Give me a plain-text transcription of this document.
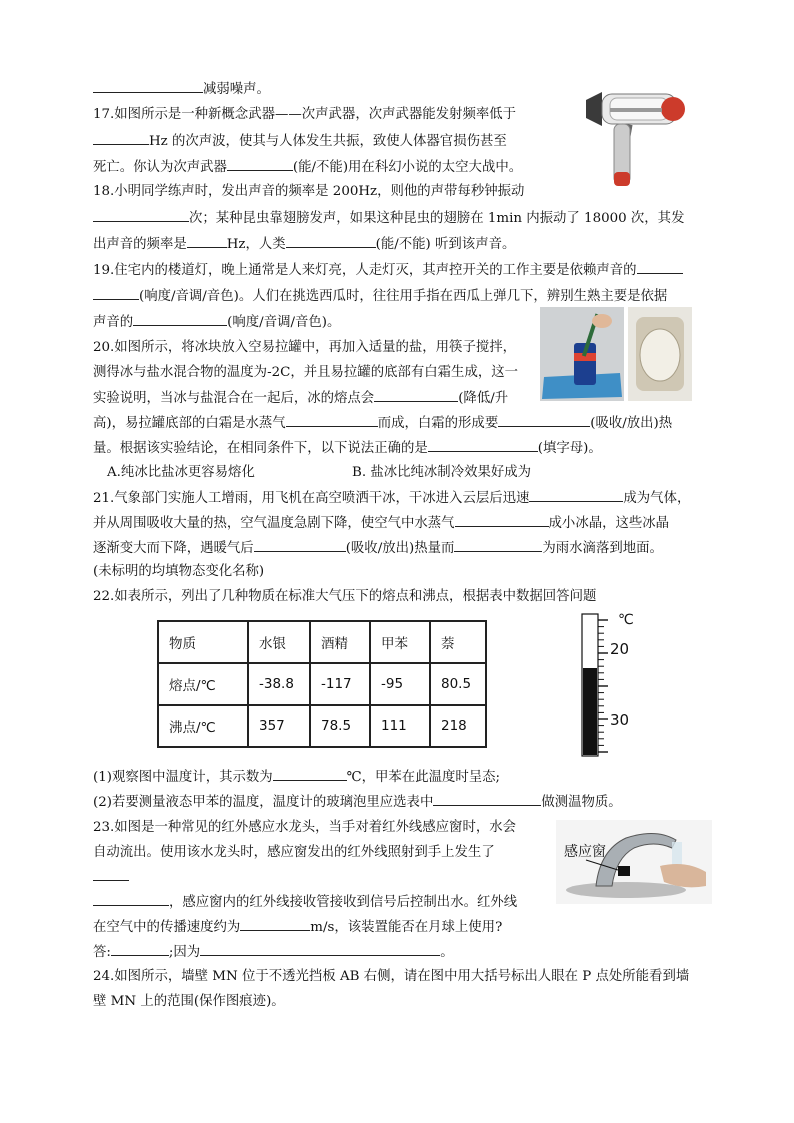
减弱噪声。
17.如图所示是一种新概念武器——次声武器，次声武器能发射频率低于
Hz 的次声波，使其与人体发生共振，致使人体器官损伤甚至
死亡。你认为次声武器	(能/不能)用在科幻小说的太空大战中。
18.小明同学练声时，发出声音的频率是 200Hz，则他的声带每秒钟振动
次；某种昆虫靠翅膀发声，如果这种昆虫的翅膀在 1min 内振动了 18000 次，其发
出声音的频率是	Hz，人类	(能/不能) 听到该声音。
19.住宅内的楼道灯，晚上通常是人来灯亮，人走灯灭，其声控开关的工作主要是依赖声音的
(响度/音调/音色)。人们在挑选西瓜时，往往用手指在西瓜上弹几下，辨别生熟主要是依据
声音的	(响度/音调/音色)。
20.如图所示，将冰块放入空易拉罐中，再加入适量的盐，用筷子搅拌，
测得冰与盐水混合物的温度为-2C，并且易拉罐的底部有白霜生成，这一
实验说明，当冰与盐混合在一起后，冰的熔点会	(降低/升
高)，易拉罐底部的白霜是水蒸气	而成，白霜的形成要	(吸收/放出)热
量。根据该实验结论，在相同条件下，以下说法正确的是	(填字母)。
A.纯冰比盐冰更容易熔化	B. 盐冰比纯冰制冷效果好成为
21.气象部门实施人工增雨，用飞机在高空喷洒干冰，干冰进入云层后迅速	成为气体，
并从周围吸收大量的热，空气温度急剧下降，使空气中水蒸气	成小冰晶，这些冰晶
逐渐变大而下降，遇暖气后	(吸收/放出)热量而	为雨水滴落到地面。
(未标明的均填物态变化名称)
22.如表所示，列出了几种物质在标准大气压下的熔点和沸点，根据表中数据回答问题
物质	水银	酒精	甲苯	萘
熔点/℃	-38.8	-117	-95	80.5
沸点/℃	357	78.5	111	218
℃
20
30
(1)观察图中温度计，其示数为	℃，甲苯在此温度时呈态;
(2)若要测量液态甲苯的温度，温度计的玻璃泡里应选表中	做测温物质。
23.如图是一种常见的红外感应水龙头，当手对着红外线感应窗时，水会
自动流出。使用该水龙头时，感应窗发出的红外线照射到手上发生了
，感应窗内的红外线接收管接收到信号后控制出水。红外线
在空气中的传播速度约为	m/s，该装置能否在月球上使用?
答:	;因为	。
感应窗
24.如图所示，墙壁 MN 位于不透光挡板 AB 右侧，请在图中用大括号标出人眼在 P 点处所能看到墙
壁 MN 上的范围(保作图痕迹)。
